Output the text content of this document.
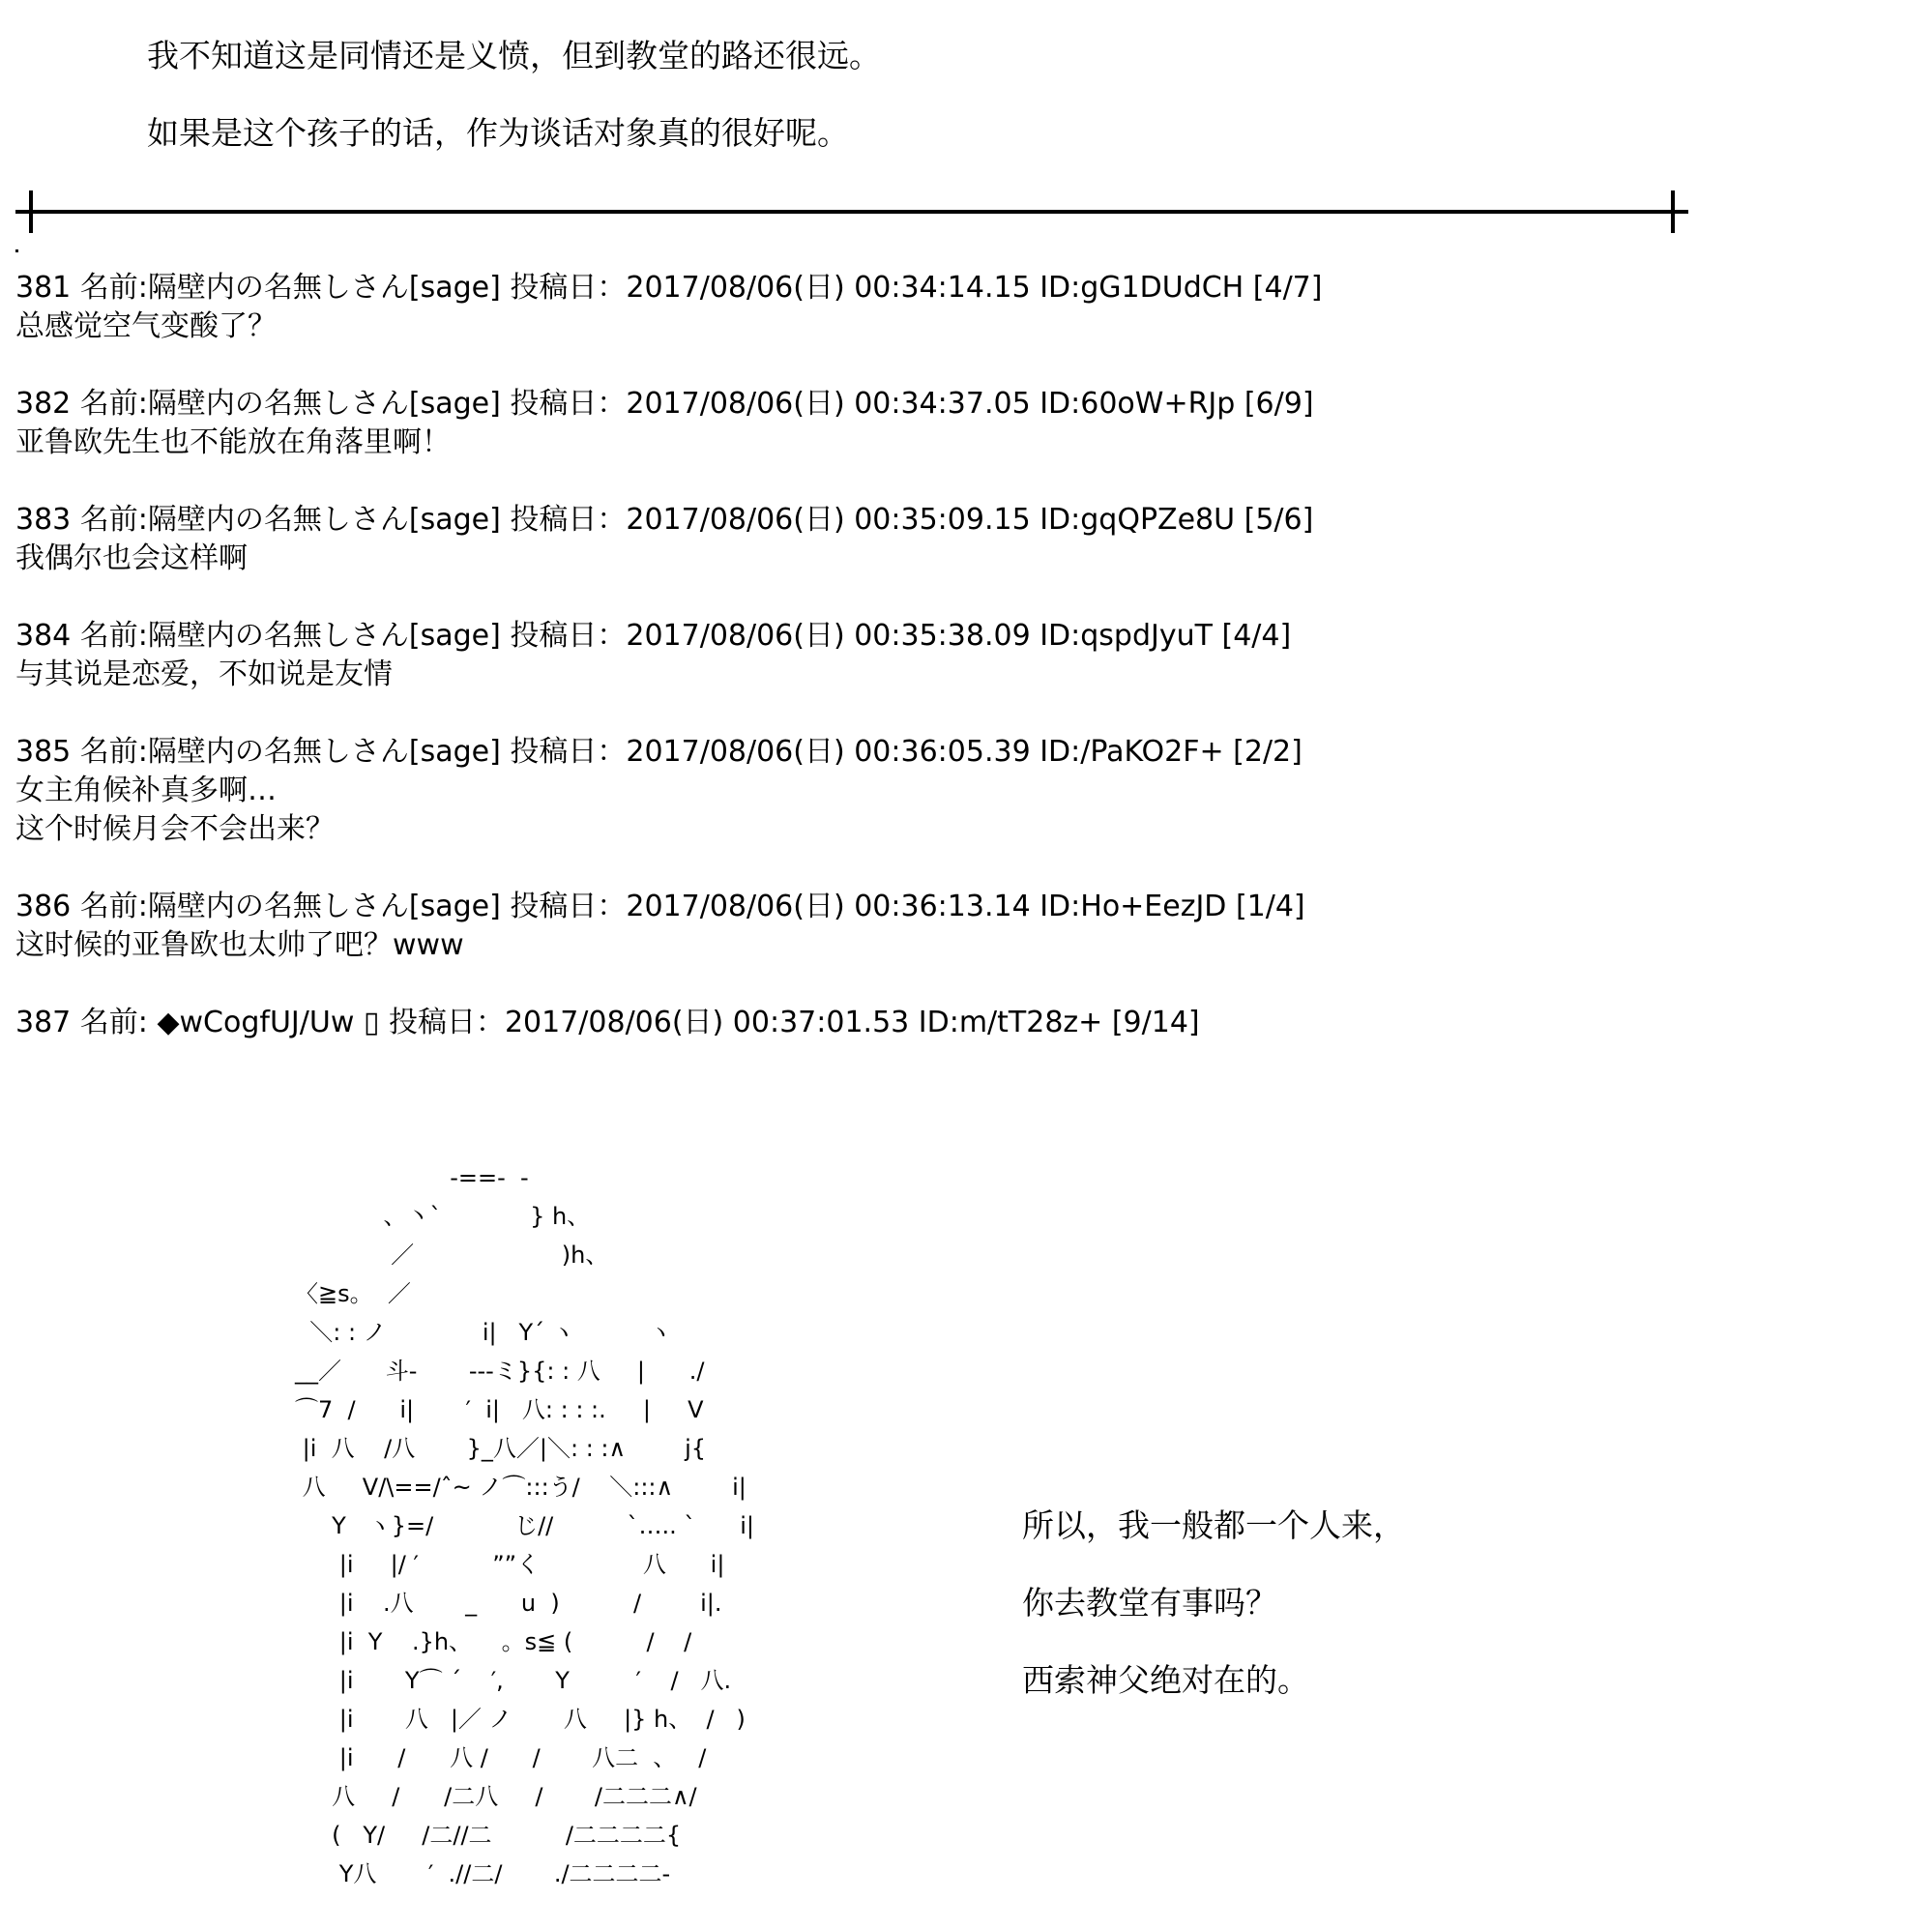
我不知道这是同情还是义愤，但到教堂的路还很远。
如果是这个孩子的话，作为谈话对象真的很好呢。
381 名前:隔壁内の名無しさん[sage] 投稿日：2017/08/06(日) 00:34:14.15 ID:gG1DUdCH [4/7]
总感觉空气变酸了？
382 名前:隔壁内の名無しさん[sage] 投稿日：2017/08/06(日) 00:34:37.05 ID:60oW+RJp [6/9]
亚鲁欧先生也不能放在角落里啊！
383 名前:隔壁内の名無しさん[sage] 投稿日：2017/08/06(日) 00:35:09.15 ID:gqQPZe8U [5/6]
我偶尔也会这样啊
384 名前:隔壁内の名無しさん[sage] 投稿日：2017/08/06(日) 00:35:38.09 ID:qspdJyuT [4/4]
与其说是恋爱，不如说是友情
385 名前:隔壁内の名無しさん[sage] 投稿日：2017/08/06(日) 00:36:05.39 ID:/PaKO2F+ [2/2]
女主角候补真多啊…
这个时候月会不会出来？
386 名前:隔壁内の名無しさん[sage] 投稿日：2017/08/06(日) 00:36:13.14 ID:Ho+EezJD [1/4]
这时候的亚鲁欧也太帅了吧？www
387 名前: ◆wCogfUJ/Uw ▯ 投稿日：2017/08/06(日) 00:37:01.53 ID:m/tT28z+ [9/14]
-==-  -
、丶`            } h、
／                    )h、
〈≧s。  ／
＼: : ノ             i|   Y´ ヽ          ヽ
__／      斗-       ---ミ}{: : 八     |      ./
⌒7  /      i|       ′  i|   八: : : :.     |     V
|i  八    /八       }_八／|＼: : :∧        j{
八     V/\==/ˆ~ ノ⌒:::う/    ＼:::∧        i|
Y   ヽ}=/           じ//          `….. `      i|
|i     |/ ′          ””く              八      i|
|i    .八       _      u  )          /        i|.
|i  Y    .}h、    。s≦ (          /    /
|i       Y⌒ ´    ′,       Y         ′    /   八.
|i       八   |／ ノ       八     |} h、  /   )
|i      /      八 /      /       八二  、   /
八     /      /二八     /       /二二二∧/
(   Y/     /二//二          /二二二二{
Y八       ′  .//二/       ./二二二二-
所以，我一般都一个人来，
你去教堂有事吗？
西索神父绝对在的。
